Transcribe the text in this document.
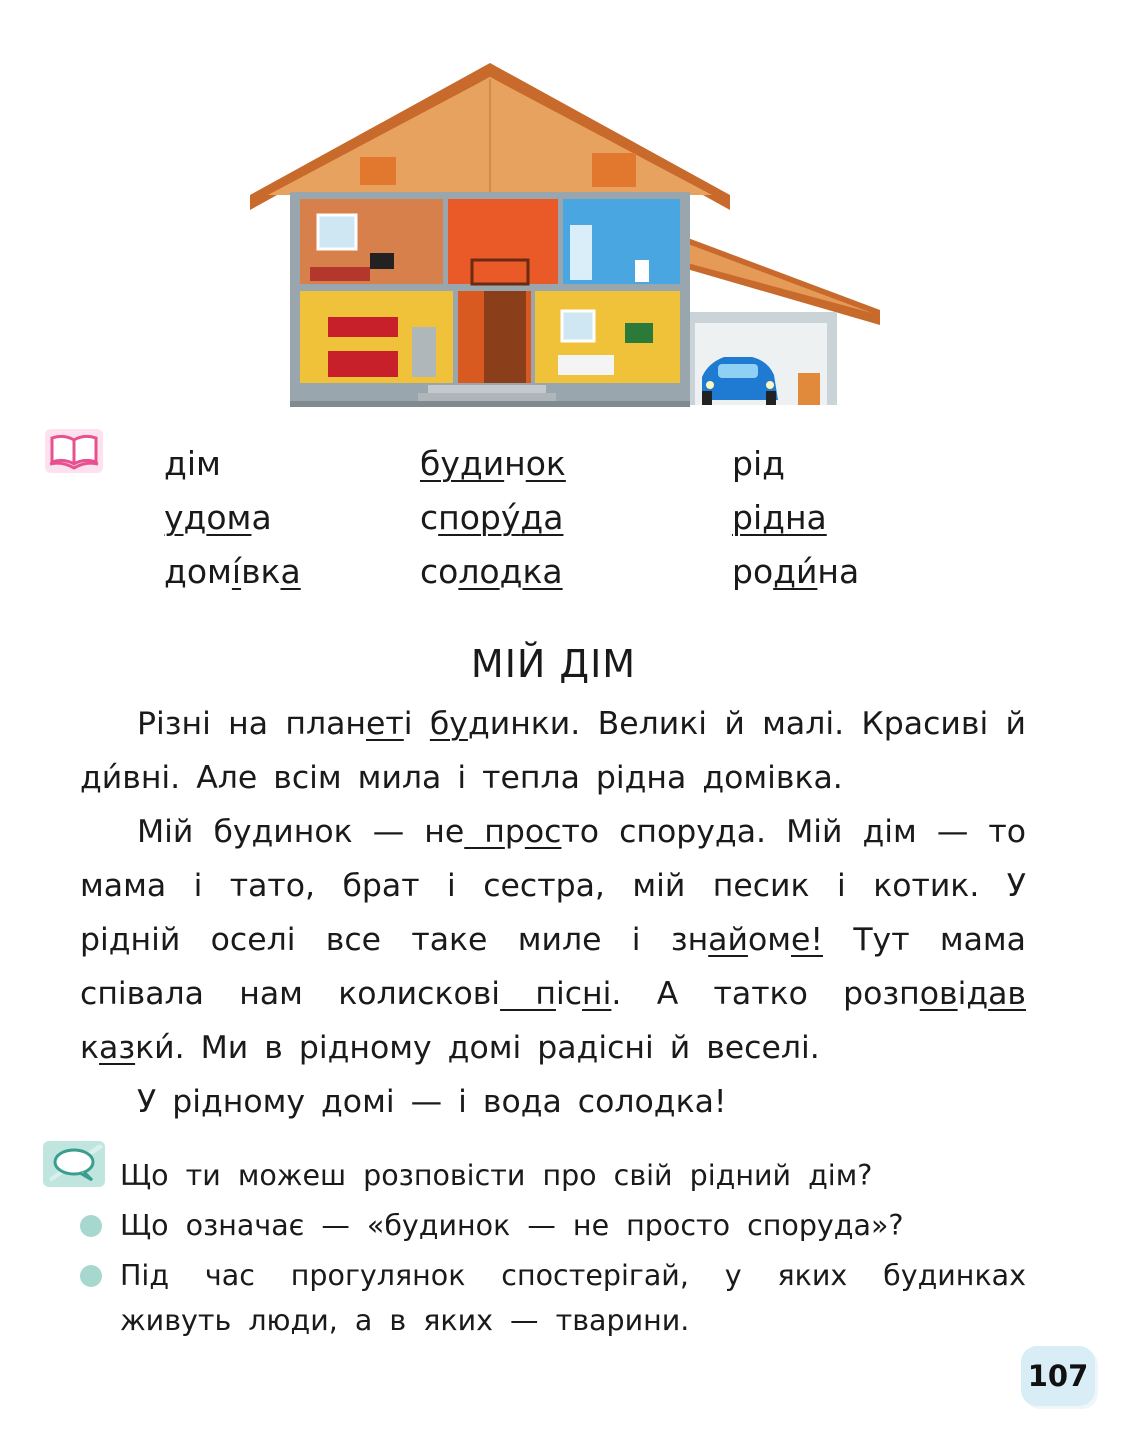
дім
удома
домі́вка
будинок
споруда
солодка
рід
рідна
роди́на
МІЙ ДІМ
Різні на планеті будинки. Великі й малі. Красиві й ди́вні. Але всім мила і тепла рідна домівка.
Мій будинок — не просто споруда. Мій дім — то мама і тато, брат і сестра, мій песик і котик. У рідній оселі все таке миле і знайоме! Тут мама співала нам колискові пісні. А татко розповідав казки́. Ми в рідному домі радісні й веселі.
У рідному домі — і вода солодка!
Що ти можеш розповісти про свій рідний дім?
Що означає — «будинок — не просто споруда»?
Під час прогулянок спостерігай, у яких будинках живуть люди, а в яких — тварини.
107
